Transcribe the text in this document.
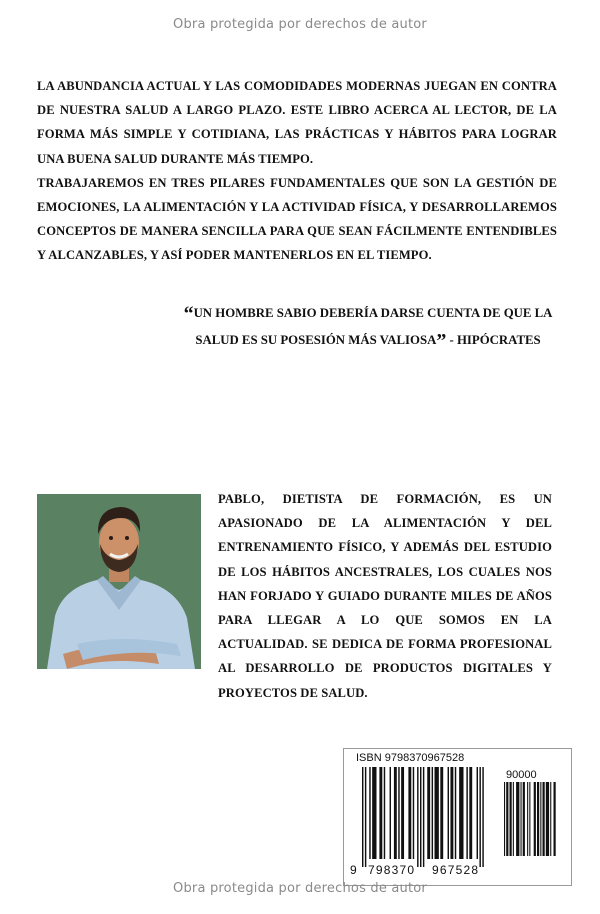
Obra protegida por derechos de autor

LA ABUNDANCIA ACTUAL Y LAS COMODIDADES MODERNAS JUEGAN EN CONTRA DE NUESTRA SALUD A LARGO PLAZO. ESTE LIBRO ACERCA AL LECTOR, DE LA FORMA MÁS SIMPLE Y COTIDIANA, LAS PRÁCTICAS Y HÁBITOS PARA LOGRAR UNA BUENA SALUD DURANTE MÁS TIEMPO.

TRABAJAREMOS EN TRES PILARES FUNDAMENTALES QUE SON LA GESTIÓN DE EMOCIONES, LA ALIMENTACIÓN Y LA ACTIVIDAD FÍSICA, Y DESARROLLAREMOS CONCEPTOS DE MANERA SENCILLA PARA QUE SEAN FÁCILMENTE ENTENDIBLES Y ALCANZABLES, Y ASÍ PODER MANTENERLOS EN EL TIEMPO.

“UN HOMBRE SABIO DEBERÍA DARSE CUENTA DE QUE LA SALUD ES SU POSESIÓN MÁS VALIOSA” - HIPÓCRATES
PABLO, DIETISTA DE FORMACIÓN, ES UN APASIONADO DE LA ALIMENTACIÓN Y DEL ENTRENAMIENTO FÍSICO, Y ADEMÁS DEL ESTUDIO DE LOS HÁBITOS ANCESTRALES, LOS CUALES NOS HAN FORJADO Y GUIADO DURANTE MILES DE AÑOS PARA LLEGAR A LO QUE SOMOS EN LA ACTUALIDAD. SE DEDICA DE FORMA PROFESIONAL AL DESARROLLO DE PRODUCTOS DIGITALES Y PROYECTOS DE SALUD.
ISBN 9798370967528
90000
9 798370 967528
Obra protegida por derechos de autor
